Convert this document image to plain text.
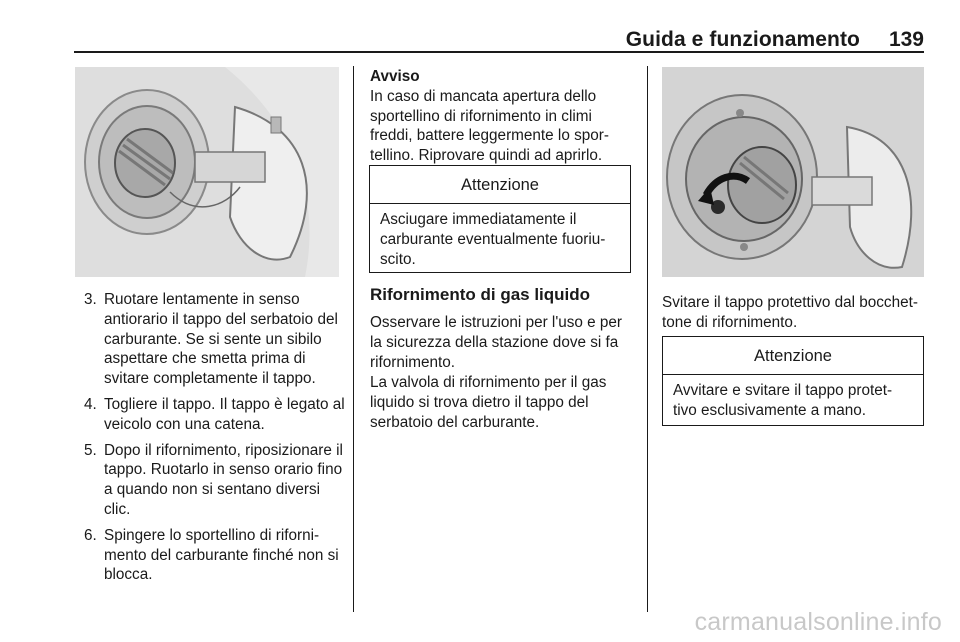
Guida e funzionamento 139
3. Ruotare lentamente in senso antiorario il tappo del serbatoio del carburante. Se si sente un sibilo aspettare che smetta prima di svitare completamente il tappo.
4. Togliere il tappo. Il tappo è legato al veicolo con una catena.
5. Dopo il rifornimento, riposizionare il tappo. Ruotarlo in senso orario fino a quando non si sentano diversi clic.
6. Spingere lo sportellino di riforni-mento del carburante finché non si blocca.
Avviso
In caso di mancata apertura dello sportellino di rifornimento in climi freddi, battere leggermente lo spor-tellino. Riprovare quindi ad aprirlo.
Attenzione
Asciugare immediatamente il carburante eventualmente fuoriu-scito.
Rifornimento di gas liquido
Osservare le istruzioni per l'uso e per la sicurezza della stazione dove si fa rifornimento.
La valvola di rifornimento per il gas liquido si trova dietro il tappo del serbatoio del carburante.
Svitare il tappo protettivo dal bocchet-tone di rifornimento.
Attenzione
Avvitare e svitare il tappo protet-tivo esclusivamente a mano.
carmanualsonline.info
